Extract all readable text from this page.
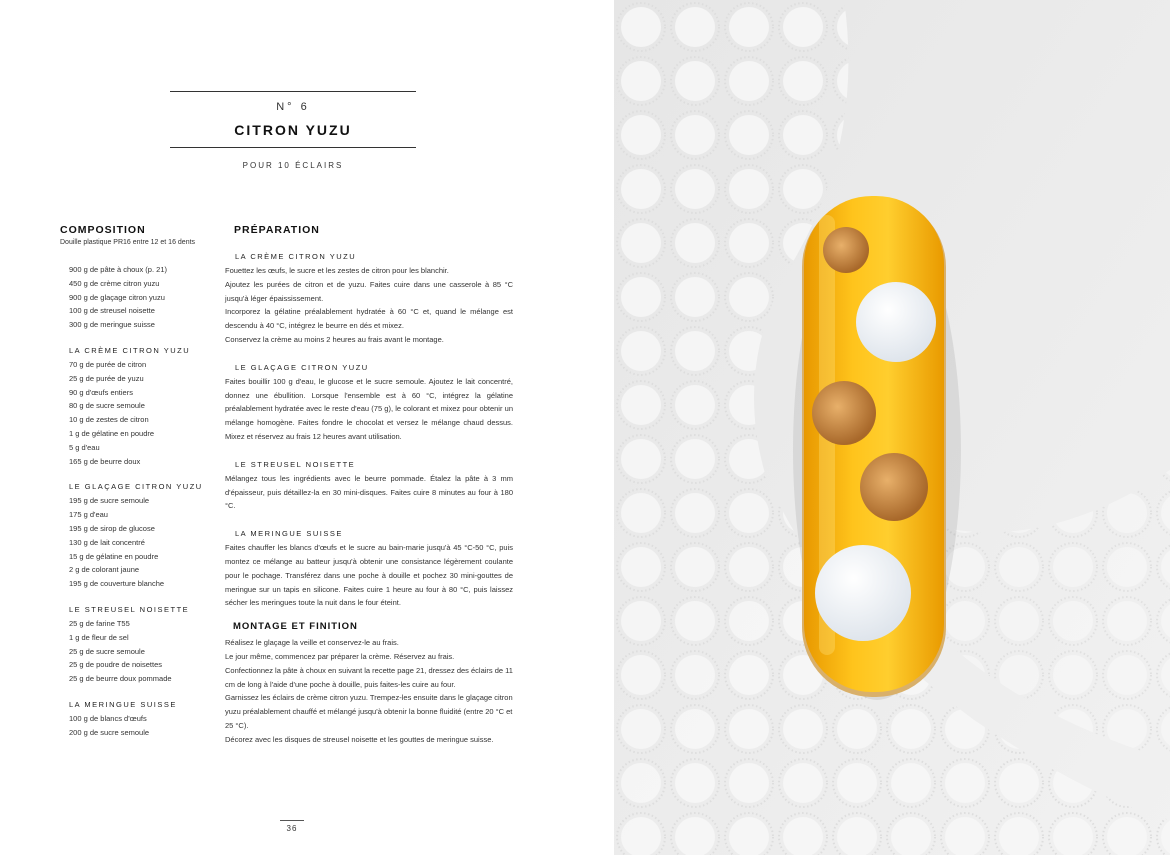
N° 6
CITRON YUZU
POUR 10 ÉCLAIRS
COMPOSITION
Douille plastique PR16 entre 12 et 16 dents
900 g de pâte à choux (p. 21)
450 g de crème citron yuzu
900 g de glaçage citron yuzu
100 g de streusel noisette
300 g de meringue suisse
LA CRÈME CITRON YUZU
70 g de purée de citron
25 g de purée de yuzu
90 g d'œufs entiers
80 g de sucre semoule
10 g de zestes de citron
1 g de gélatine en poudre
5 g d'eau
165 g de beurre doux
LE GLAÇAGE CITRON YUZU
195 g de sucre semoule
175 g d'eau
195 g de sirop de glucose
130 g de lait concentré
15 g de gélatine en poudre
2 g de colorant jaune
195 g de couverture blanche
LE STREUSEL NOISETTE
25 g de farine T55
1 g de fleur de sel
25 g de sucre semoule
25 g de poudre de noisettes
25 g de beurre doux pommade
LA MERINGUE SUISSE
100 g de blancs d'œufs
200 g de sucre semoule
PRÉPARATION
LA CRÈME CITRON YUZU
Fouettez les œufs, le sucre et les zestes de citron pour les blanchir.
Ajoutez les purées de citron et de yuzu. Faites cuire dans une casserole à 85 °C jusqu'à léger épaississement.
Incorporez la gélatine préalablement hydratée à 60 °C et, quand le mélange est descendu à 40 °C, intégrez le beurre en dés et mixez.
Conservez la crème au moins 2 heures au frais avant le montage.
LE GLAÇAGE CITRON YUZU
Faites bouillir 100 g d'eau, le glucose et le sucre semoule. Ajoutez le lait concentré, donnez une ébullition. Lorsque l'ensemble est à 60 °C, intégrez la gélatine préalablement hydratée avec le reste d'eau (75 g), le colorant et mixez pour obtenir un mélange homogène. Faites fondre le chocolat et versez le mélange chaud dessus. Mixez et réservez au frais 12 heures avant utilisation.
LE STREUSEL NOISETTE
Mélangez tous les ingrédients avec le beurre pommade. Étalez la pâte à 3 mm d'épaisseur, puis détaillez-la en 30 mini-disques. Faites cuire 8 minutes au four à 180 °C.
LA MERINGUE SUISSE
Faites chauffer les blancs d'œufs et le sucre au bain-marie jusqu'à 45 °C-50 °C, puis montez ce mélange au batteur jusqu'à obtenir une consistance légèrement coulante pour le pochage. Transférez dans une poche à douille et pochez 30 mini-gouttes de meringue sur un tapis en silicone. Faites cuire 1 heure au four à 80 °C, puis laissez sécher les meringues toute la nuit dans le four éteint.
MONTAGE ET FINITION
Réalisez le glaçage la veille et conservez-le au frais.
Le jour même, commencez par préparer la crème. Réservez au frais.
Confectionnez la pâte à choux en suivant la recette page 21, dressez des éclairs de 11 cm de long à l'aide d'une poche à douille, puis faites-les cuire au four.
Garnissez les éclairs de crème citron yuzu. Trempez-les ensuite dans le glaçage citron yuzu préalablement chauffé et mélangé jusqu'à obtenir la bonne fluidité (entre 20 °C et 25 °C).
Décorez avec les disques de streusel noisette et les gouttes de meringue suisse.
36
